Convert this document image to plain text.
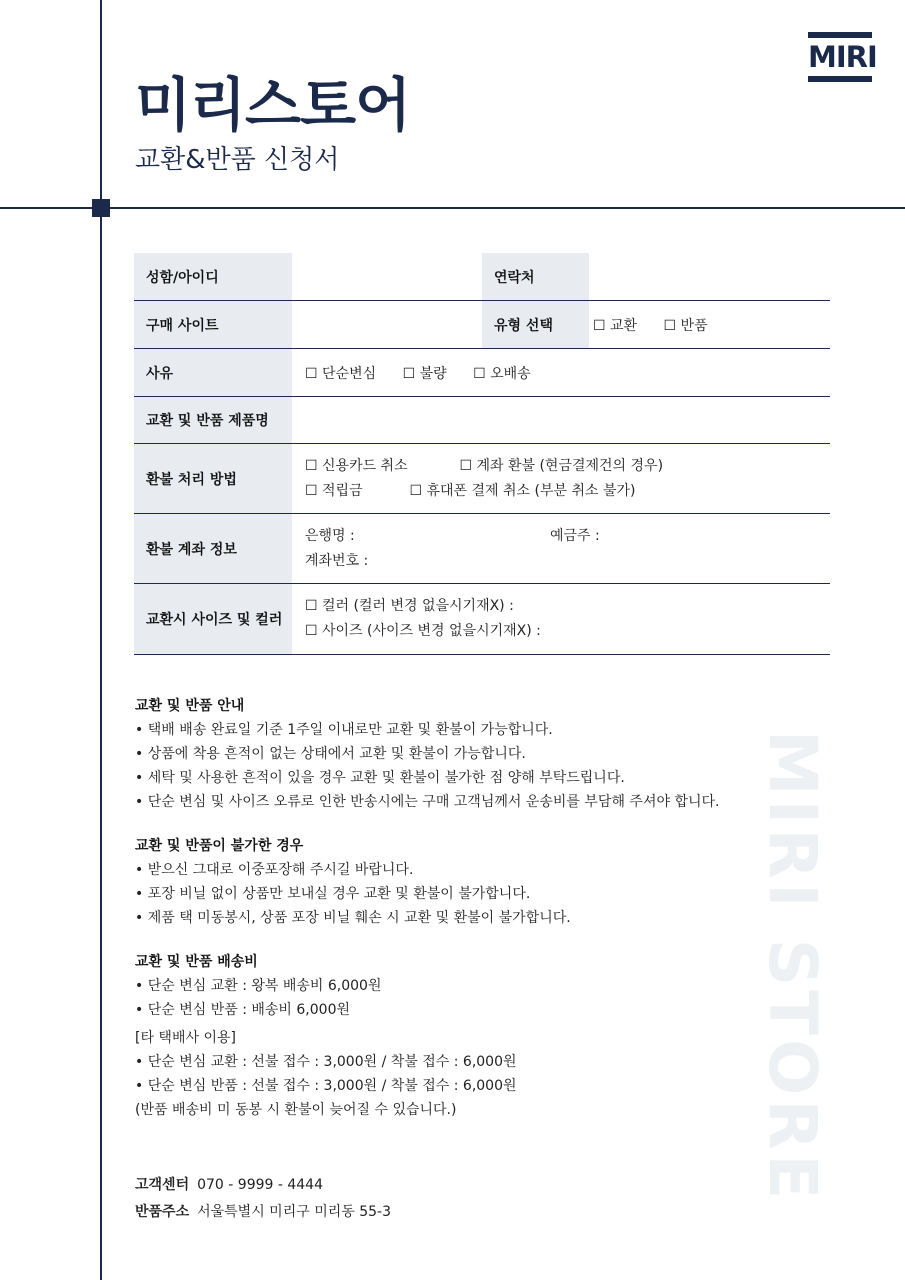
MIRI
미리스토어
교환&반품 신청서
MIRI STORE
성함/아이디		연락처	
구매 사이트		유형 선택	☐ 교환 ☐ 반품
사유	☐ 단순변심 ☐ 불량 ☐ 오배송		
교환 및 반품 제품명			
환불 처리 방법	☐ 신용카드 취소 ☐ 계좌 환불 (현금결제건의 경우)
☐ 적립금 ☐ 휴대폰 결제 취소 (부분 취소 불가)		

환불 계좌 정보	은행명 : 예금주 :
계좌번호 :		

교환시 사이즈 및 컬러	☐ 컬러 (컬러 변경 없을시기재X) :
☐ 사이즈 (사이즈 변경 없을시기재X) :		
교환 및 반품 안내

• 택배 배송 완료일 기준 1주일 이내로만 교환 및 환불이 가능합니다.

• 상품에 착용 흔적이 없는 상태에서 교환 및 환불이 가능합니다.

• 세탁 및 사용한 흔적이 있을 경우 교환 및 환불이 불가한 점 양해 부탁드립니다.

• 단순 변심 및 사이즈 오류로 인한 반송시에는 구매 고객님께서 운송비를 부담해 주셔야 합니다.

교환 및 반품이 불가한 경우

• 받으신 그대로 이중포장해 주시길 바랍니다.

• 포장 비닐 없이 상품만 보내실 경우 교환 및 환불이 불가합니다.

• 제품 택 미동봉시, 상품 포장 비닐 훼손 시 교환 및 환불이 불가합니다.

교환 및 반품 배송비

• 단순 변심 교환 : 왕복 배송비 6,000원

• 단순 변심 반품 : 배송비 6,000원

[타 택배사 이용]

• 단순 변심 교환 : 선불 접수 : 3,000원 / 착불 접수 : 6,000원

• 단순 변심 반품 : 선불 접수 : 3,000원 / 착불 접수 : 6,000원

(반품 배송비 미 동봉 시 환불이 늦어질 수 있습니다.)

고객센터 070 - 9999 - 4444
반품주소 서울특별시 미리구 미리동 55-3
